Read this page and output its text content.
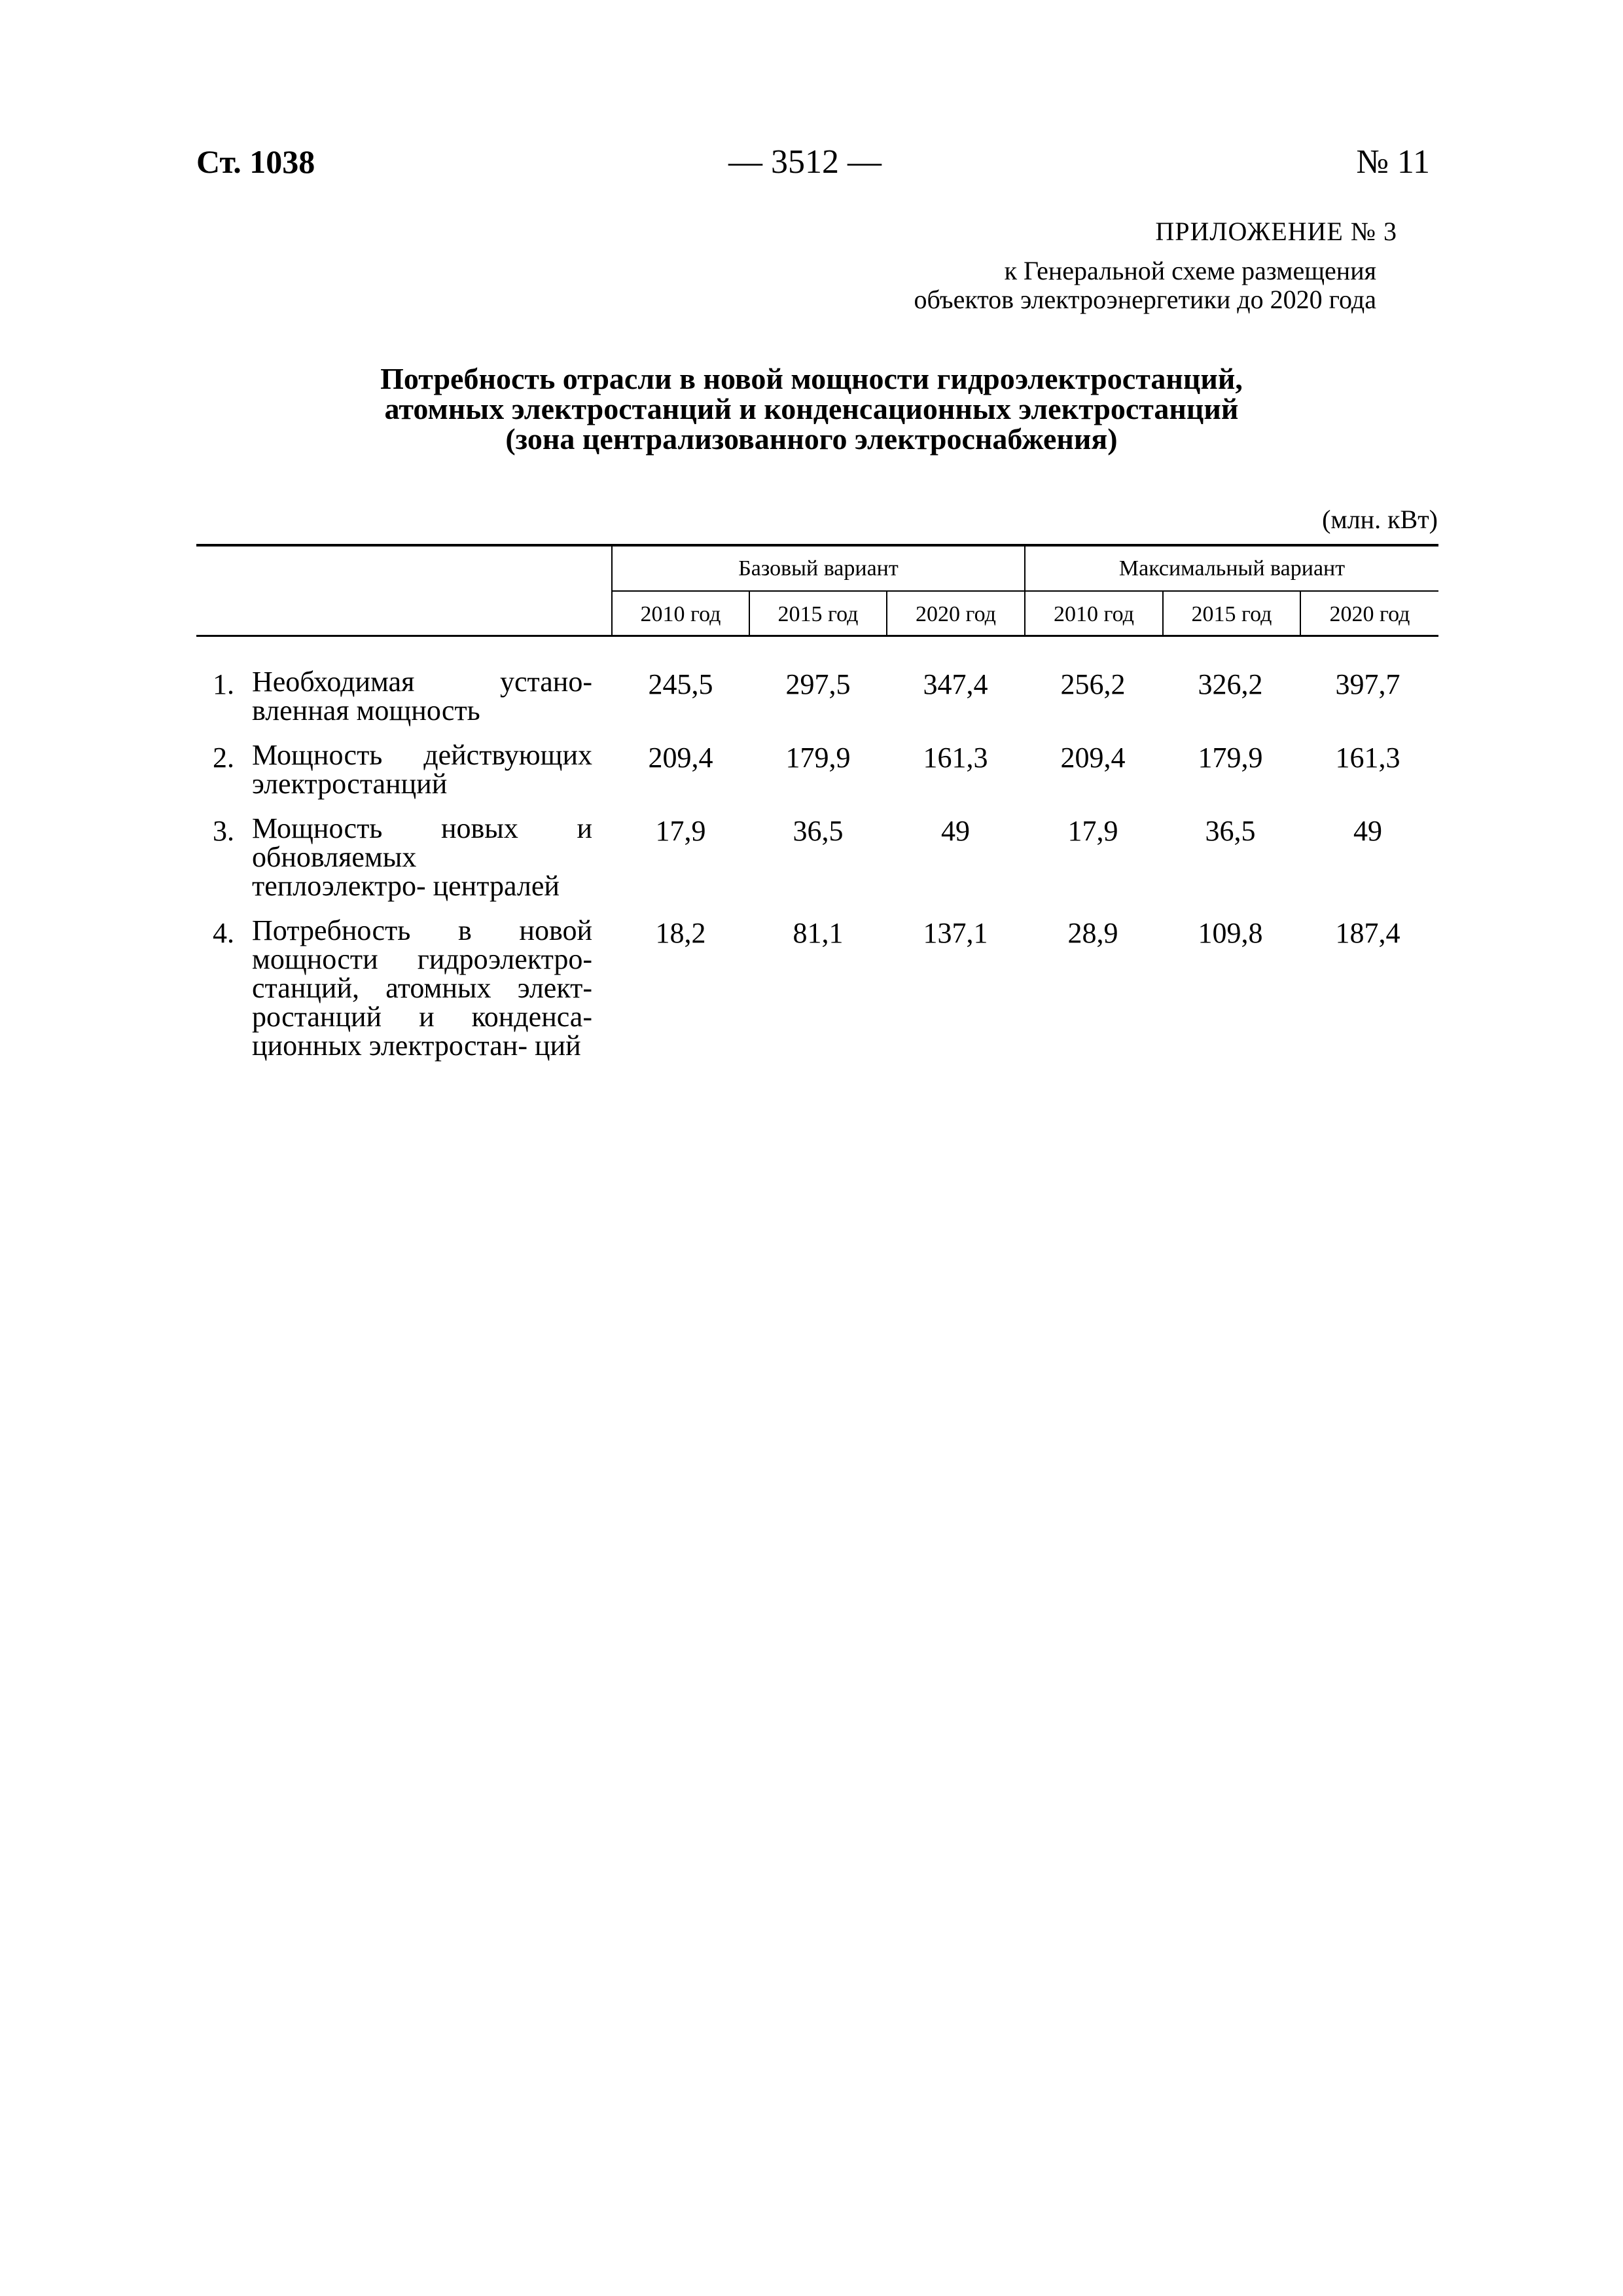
Ст. 1038	— 3512 —	№ 11
ПРИЛОЖЕНИЕ № 3
к Генеральной схеме размещения
объектов электроэнергетики до 2020 года
Потребность отрасли в новой мощности гидроэлектростанций,
атомных электростанций и конденсационных электростанций
(зона централизованного электроснабжения)
(млн. кВт)
Базовый вариант	Максимальный вариант
2010 год	2015 год	2020 год	2010 год	2015 год	2020 год
1. Необходимая устано- вленная мощность
245,5	297,5	347,4	256,2	326,2	397,7
2. Мощность действующих электростанций
209,4	179,9	161,3	209,4	179,9	161,3
3. Мощность новых и обновляемых теплоэлектро- централей
17,9	36,5	49	17,9	36,5	49
4. Потребность в новой мощности гидроэлектро- станций, атомных элект- ростанций и конденса- ционных электростан- ций
18,2	81,1	137,1	28,9	109,8	187,4
